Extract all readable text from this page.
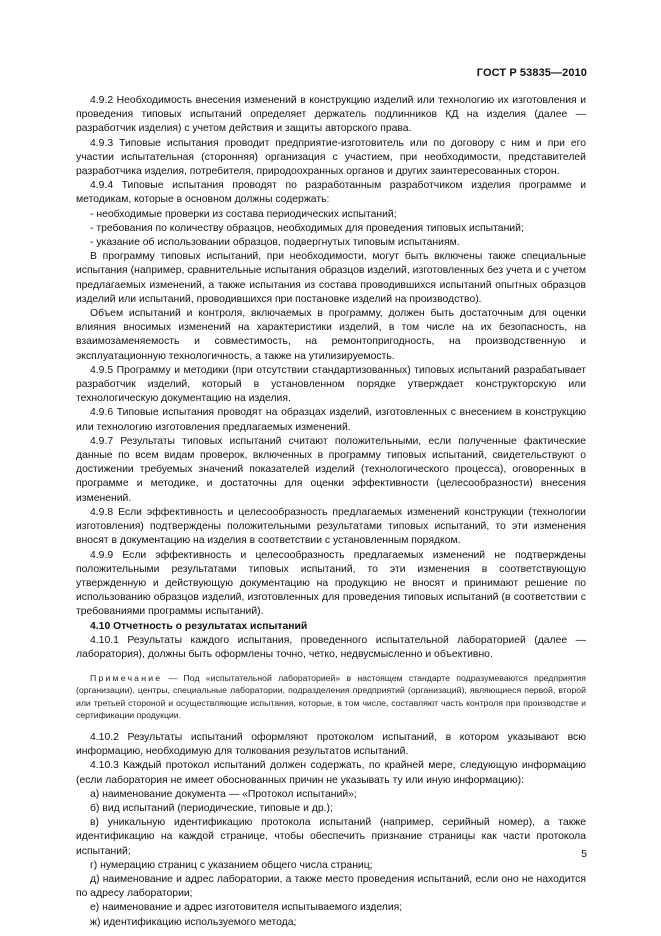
ГОСТ Р 53835—2010

4.9.2 Необходимость внесения изменений в конструкцию изделий или технологию их изготовления и проведения типовых испытаний определяет держатель подлинников КД на изделия (далее — разработчик изделия) с учетом действия и защиты авторского права.

4.9.3 Типовые испытания проводит предприятие-изготовитель или по договору с ним и при его участии испытательная (сторонняя) организация с участием, при необходимости, представителей разработчика изделия, потребителя, природоохранных органов и других заинтересованных сторон.

4.9.4 Типовые испытания проводят по разработанным разработчиком изделия программе и методикам, которые в основном должны содержать:

- необходимые проверки из состава периодических испытаний;

- требования по количеству образцов, необходимых для проведения типовых испытаний;

- указание об использовании образцов, подвергнутых типовым испытаниям.

В программу типовых испытаний, при необходимости, могут быть включены также специальные испытания (например, сравнительные испытания образцов изделий, изготовленных без учета и с учетом предлагаемых изменений, а также испытания из состава проводившихся испытаний опытных образцов изделий или испытаний, проводившихся при постановке изделий на производство).

Объем испытаний и контроля, включаемых в программу, должен быть достаточным для оценки влияния вносимых изменений на характеристики изделий, в том числе на их безопасность, на взаимозаменяемость и совместимость, на ремонтопригодность, на производственную и эксплуатационную технологичность, а также на утилизируемость.

4.9.5 Программу и методики (при отсутствии стандартизованных) типовых испытаний разрабатывает разработчик изделий, который в установленном порядке утверждает конструкторскую или технологическую документацию на изделия.

4.9.6 Типовые испытания проводят на образцах изделий, изготовленных с внесением в конструкцию или технологию изготовления предлагаемых изменений.

4.9.7 Результаты типовых испытаний считают положительными, если полученные фактические данные по всем видам проверок, включенных в программу типовых испытаний, свидетельствуют о достижении требуемых значений показателей изделий (технологического процесса), оговоренных в программе и методике, и достаточны для оценки эффективности (целесообразности) внесения изменений.

4.9.8 Если эффективность и целесообразность предлагаемых изменений конструкции (технологии изготовления) подтверждены положительными результатами типовых испытаний, то эти изменения вносят в документацию на изделия в соответствии с установленным порядком.

4.9.9 Если эффективность и целесообразность предлагаемых изменений не подтверждены положительными результатами типовых испытаний, то эти изменения в соответствующую утвержденную и действующую документацию на продукцию не вносят и принимают решение по использованию образцов изделий, изготовленных для проведения типовых испытаний (в соответствии с требованиями программы испытаний).

4.10 Отчетность о результатах испытаний

4.10.1 Результаты каждого испытания, проведенного испытательной лабораторией (далее — лаборатория), должны быть оформлены точно, четко, недвусмысленно и объективно.

Примечание — Под «испытательной лабораторией» в настоящем стандарте подразумеваются предприятия (организации), центры, специальные лаборатории, подразделения предприятий (организаций), являющиеся первой, второй или третьей стороной и осуществляющие испытания, которые, в том числе, составляют часть контроля при производстве и сертификации продукции.

4.10.2 Результаты испытаний оформляют протоколом испытаний, в котором указывают всю информацию, необходимую для толкования результатов испытаний.

4.10.3 Каждый протокол испытаний должен содержать, по крайней мере, следующую информацию (если лаборатория не имеет обоснованных причин не указывать ту или иную информацию):

а) наименование документа — «Протокол испытаний»;

б) вид испытаний (периодические, типовые и др.);

в) уникальную идентификацию протокола испытаний (например, серийный номер), а также идентификацию на каждой странице, чтобы обеспечить признание страницы как части протокола испытаний;

г) нумерацию страниц с указанием общего числа страниц;

д) наименование и адрес лаборатории, а также место проведения испытаний, если оно не находится по адресу лаборатории;

е) наименование и адрес изготовителя испытываемого изделия;

ж) идентификацию используемого метода;

5
